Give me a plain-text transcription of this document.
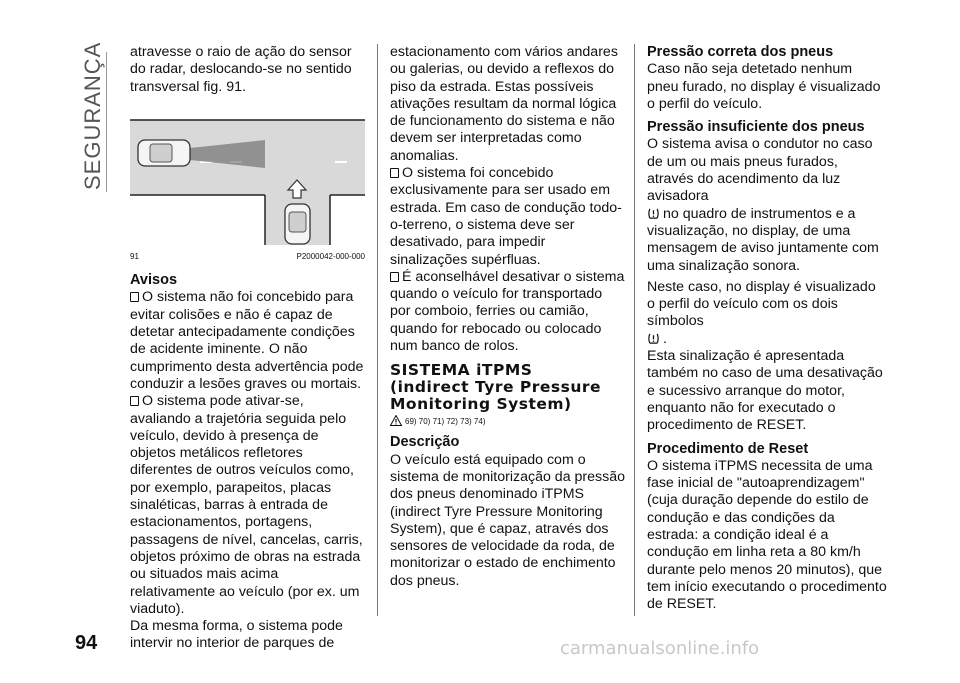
SEGURANÇA atravesse o raio de ação do sensor do radar, deslocando-se no sentido transversal fig. 91.

91	P2000042-000-000

Avisos

O sistema não foi concebido para evitar colisões e não é capaz de detetar antecipadamente condições de acidente iminente. O não cumprimento desta advertência pode conduzir a lesões graves ou mortais.

O sistema pode ativar-se, avaliando a trajetória seguida pelo veículo, devido à presença de objetos metálicos refletores diferentes de outros veículos como, por exemplo, parapeitos, placas sinaléticas, barras à entrada de estacionamentos, portagens, passagens de nível, cancelas, carris, objetos próximo de obras na estrada ou situados mais acima relativamente ao veículo (por ex. um viaduto).

Da mesma forma, o sistema pode intervir no interior de parques de

estacionamento com vários andares ou galerias, ou devido a reflexos do piso da estrada. Estas possíveis ativações resultam da normal lógica de funcionamento do sistema e não devem ser interpretadas como anomalias.

O sistema foi concebido exclusivamente para ser usado em estrada. Em caso de condução todo-o-terreno, o sistema deve ser desativado, para impedir sinalizações supérfluas.

É aconselhável desativar o sistema quando o veículo for transportado por comboio, ferries ou camião, quando for rebocado ou colocado num banco de rolos.

SISTEMA iTPMS
(indirect Tyre Pressure Monitoring System)

69) 70) 71) 72) 73) 74)

Descrição

O veículo está equipado com o sistema de monitorização da pressão dos pneus denominado iTPMS (indirect Tyre Pressure Monitoring System), que é capaz, através dos sensores de velocidade da roda, de monitorizar o estado de enchimento dos pneus.

Pressão correta dos pneus

Caso não seja detetado nenhum pneu furado, no display é visualizado o perfil do veículo.

Pressão insuficiente dos pneus

O sistema avisa o condutor no caso de um ou mais pneus furados, através do acendimento da luz avisadora
no quadro de instrumentos e a visualização, no display, de uma mensagem de aviso juntamente com uma sinalização sonora.

Neste caso, no display é visualizado o perfil do veículo com os dois símbolos
.

Esta sinalização é apresentada também no caso de uma desativação e sucessivo arranque do motor, enquanto não for executado o procedimento de RESET.

Procedimento de Reset

O sistema iTPMS necessita de uma fase inicial de "autoaprendizagem" (cuja duração depende do estilo de condução e das condições da estrada: a condição ideal é a condução em linha reta a 80 km/h durante pelo menos 20 minutos), que tem início executando o procedimento de RESET.

94	carmanualsonline.info
